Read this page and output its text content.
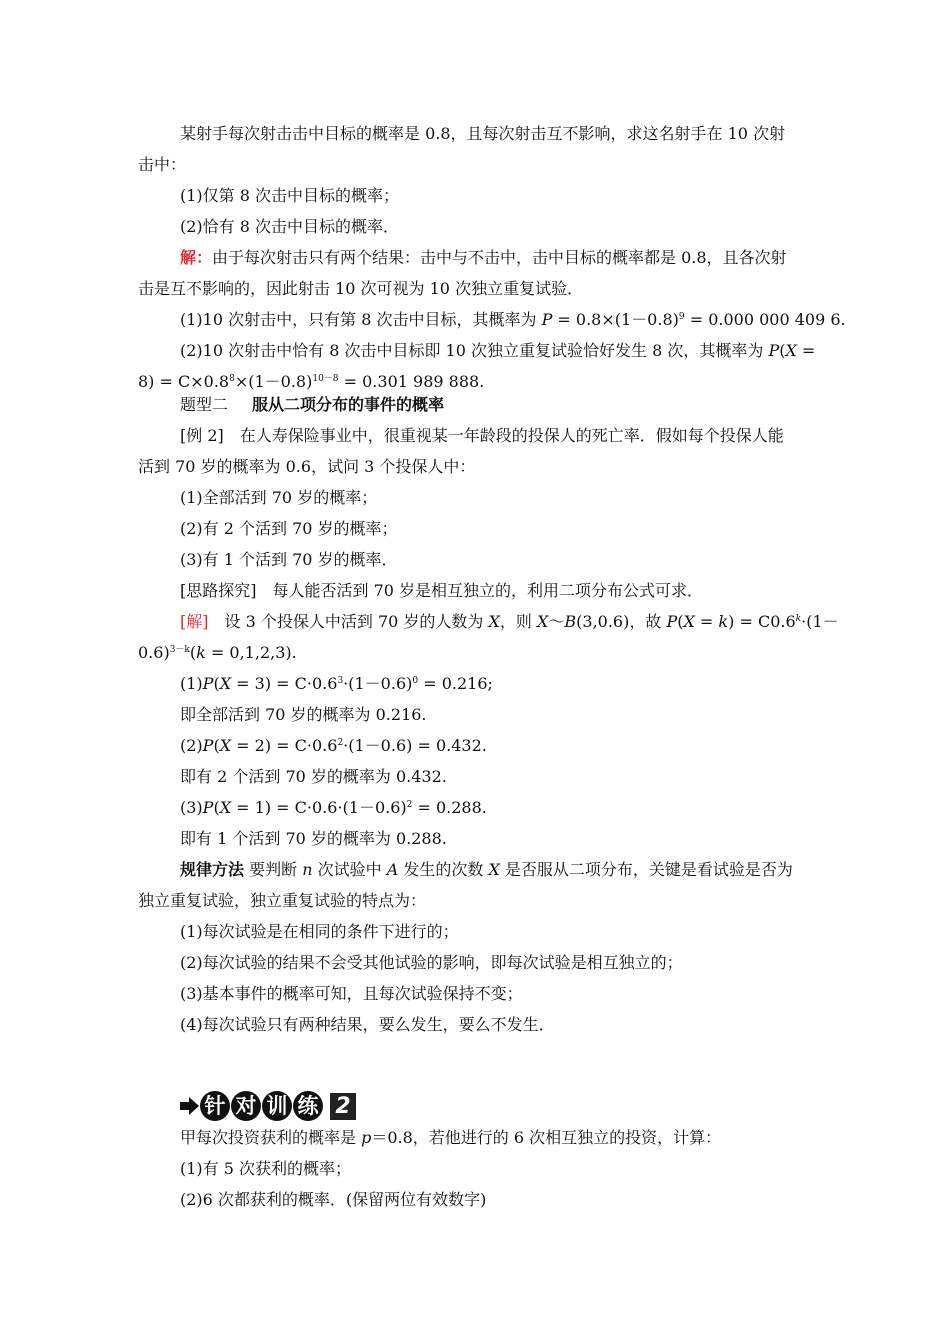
某射手每次射击击中目标的概率是 0.8，且每次射击互不影响，求这名射手在 10 次射
击中：
(1)仅第 8 次击中目标的概率；
(2)恰有 8 次击中目标的概率．
解：由于每次射击只有两个结果：击中与不击中，击中目标的概率都是 0.8，且各次射
击是互不影响的，因此射击 10 次可视为 10 次独立重复试验．
(1)10 次射击中，只有第 8 次击中目标，其概率为 $P = 0.8\times(1-0.8)^9 = 0.000$ 000 409 6.
(2)10 次射击中恰有 8 次击中目标即 10 次独立重复试验恰好发生 8 次，其概率为 P(X =
$8) = C\times 0.8^8\times(1-0.8)^{10-8} = 0.301$ 989 888.
题型二 服从二项分布的事件的概率
[例 2]　在人寿保险事业中，很重视某一年龄段的投保人的死亡率．假如每个投保人能
活到 70 岁的概率为 0.6，试问 3 个投保人中：
(1)全部活到 70 岁的概率；
(2)有 2 个活到 70 岁的概率；
(3)有 1 个活到 70 岁的概率．
[思路探究]　每人能否活到 70 岁是相互独立的，利用二项分布公式可求．
[解]　设 3 个投保人中活到 70 岁的人数为 X，则 X～B(3,0.6)，故 $P(X = k) = C0.6^k\cdot(1-$
0.6)$^{3-k}$(k = 0,1,2,3).
$(1)P(X = 3) = C\cdot 0.6^3\cdot(1-0.6)^0 = 0.216$;
即全部活到 70 岁的概率为 0.216.
$(2)P(X = 2) = C\cdot 0.6^2\cdot(1-0.6) = 0.432$.
即有 2 个活到 70 岁的概率为 0.432.
$(3)P(X = 1) = C\cdot 0.6\cdot(1-0.6)^2 = 0.288$.
即有 1 个活到 70 岁的概率为 0.288.
规律方法 要判断 n 次试验中 A 发生的次数 X 是否服从二项分布，关键是看试验是否为
独立重复试验，独立重复试验的特点为：
(1)每次试验是在相同的条件下进行的；
(2)每次试验的结果不会受其他试验的影响，即每次试验是相互独立的；
(3)基本事件的概率可知，且每次试验保持不变；
(4)每次试验只有两种结果，要么发生，要么不发生．
针 对 训 练 2
甲每次投资获利的概率是 p＝0.8，若他进行的 6 次相互独立的投资，计算：
(1)有 5 次获利的概率；
(2)6 次都获利的概率．(保留两位有效数字)
